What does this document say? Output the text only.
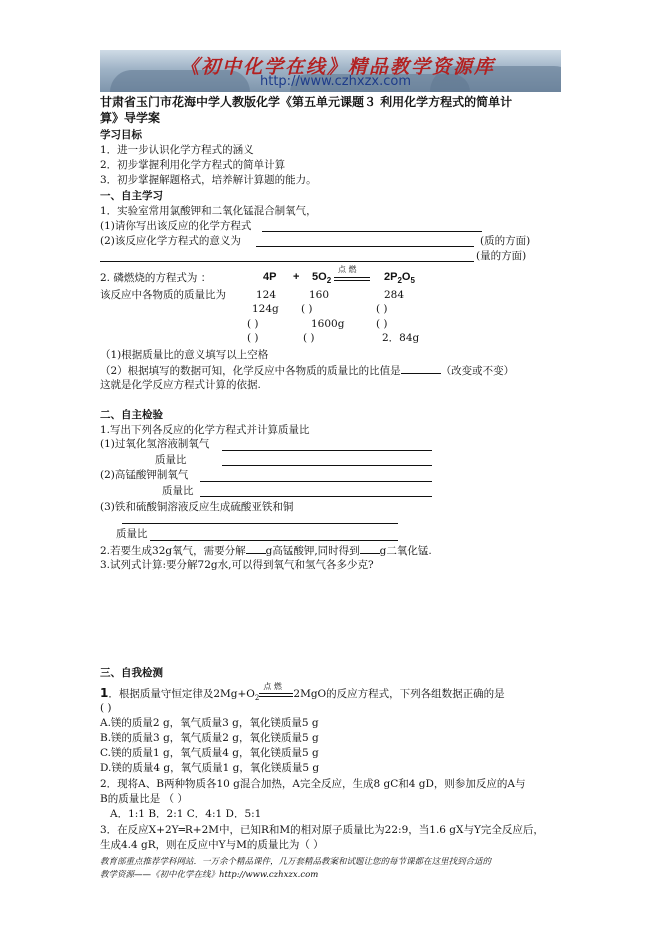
《初中化学在线》精品教学资源库
http://www.czhxzx.com
甘肃省玉门市花海中学人教版化学《第五单元课题３ 利用化学方程式的简单计
算》导学案
学习目标
1．进一步认识化学方程式的涵义
2．初步掌握利用化学方程式的简单计算
3．初步掌握解题格式，培养解计算题的能力。
一、自主学习
1．实验室常用氯酸钾和二氧化锰混合制氧气，
(1)请你写出该反应的化学方程式
(2)该反应化学方程式的意义为	(质的方面)
(量的方面)
2. 磷燃烧的方程式为 ：	$4P + 5O_2$
点 燃
$2P_2O_5$
该反应中各物质的质量比为	124	160	284
124g ( )	( )
( )	1600g	( )
( )	( )	2．84g
（1)根据质量比的意义填写以上空格
（2）根据填写的数据可知，化学反应中各物质的质量比的比值是	（改变或不变）
这就是化学反应方程式计算的依据.
二、自主检验
1.写出下列各反应的化学方程式并计算质量比
(1)过氧化氢溶液制氧气
质量比
(2)高锰酸钾制氧气
质量比
(3)铁和硫酸铜溶液反应生成硫酸亚铁和铜
质量比
2.若要生成32g氧气，需要分解 g高锰酸钾,同时得到 g二氧化锰.
3.试列式计算:要分解72g水,可以得到氧气和氢气各多少克?
三、自我检测
1．根据质量守恒定律及$2Mg+O_2$
点 燃
2MgO的反应方程式，下列各组数据正确的是
( )
A.镁的质量2 g，氧气质量3 g，氧化镁质量5 g
B.镁的质量3 g，氧气质量2 g，氧化镁质量5 g
C.镁的质量1 g，氧气质量4 g，氧化镁质量5 g
D.镁的质量4 g，氧气质量1 g，氧化镁质量5 g
2．现将A、B两种物质各10 g混合加热，A完全反应，生成8 gC和4 gD，则参加反应的A与
B的质量比是 （ ）
A．1:1 B．2:1 C．4:1 D．5:1
3．在反应X+2Y═R+2M中，已知R和M的相对原子质量比为22:9，当1.6 gX与Y完全反应后，
生成4.4 gR，则在反应中Y与M的质量比为（ ）
教育部重点推荐学科网站．一万余个精品课件，几万套精品教案和试题让您的每节课都在这里找到合适的
教学资源——《初中化学在线》http://www.czhxzx.com
